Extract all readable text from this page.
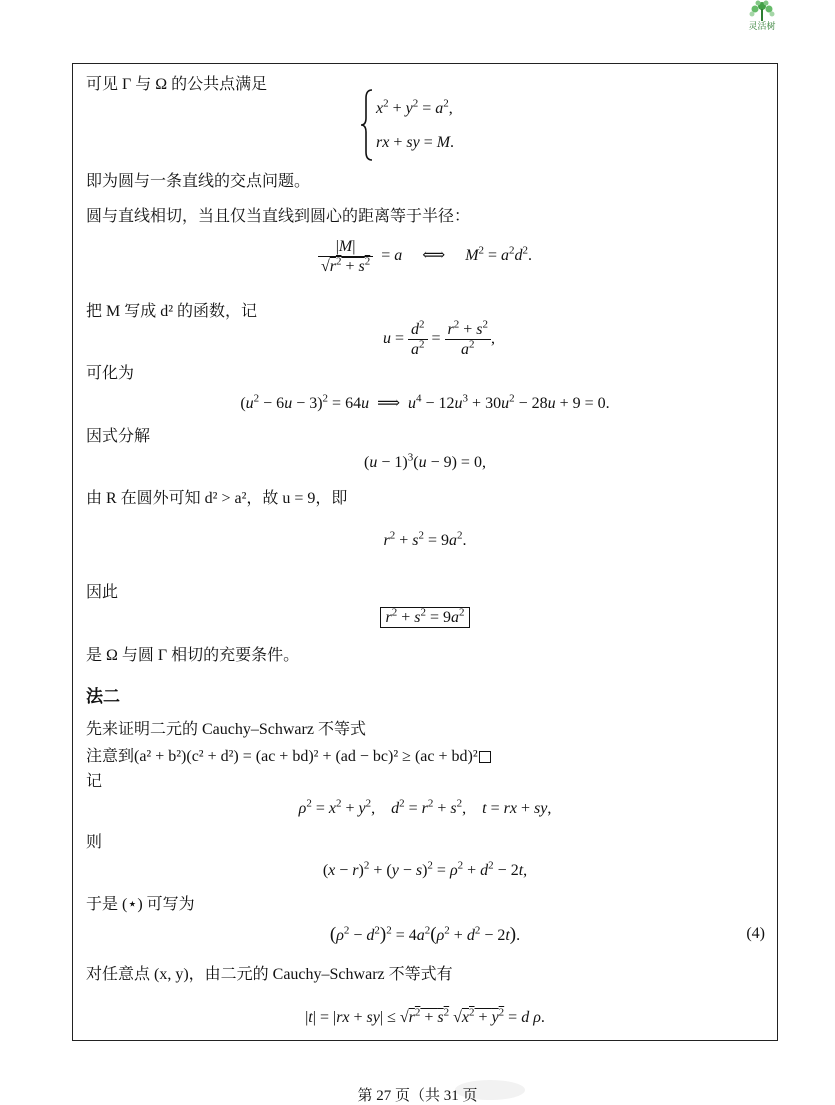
灵活树
可见 Γ 与 Ω 的公共点满足
$x^2 + y^2 = a^2$,
rx + sy = M.
即为圆与一条直线的交点问题。
圆与直线相切，当且仅当直线到圆心的距离等于半径：
$\frac{|M|}{√r^2 + s^2} = a$     ⟺     $M^2 = a^2d^2$.
把 M 写成 d² 的函数，记
$u = \frac{d^2}{a^2} = \frac{r^2 + s^2}{a^2}$ ,
可化为
$(u^2 - 6u - 3)^2 = 64u$  ⟹  $u^4 - 12u^3 + 30u^2 - 28u + 9 = 0$.
因式分解
$(u - 1)^3(u - 9) = 0$,
由 R 在圆外可知 d² > a²，故 u = 9，即
$r^2 + s^2 = 9a^2$.
因此
$r^2 + s^2 = 9a^2$
是 Ω 与圆 Γ 相切的充要条件。
法二
先来证明二元的 Cauchy–Schwarz 不等式
注意到(a² + b²)(c² + d²) = (ac + bd)² + (ad − bc)² ≥ (ac + bd)²
记
$\rho^2 = x^2 + y^2$,    $d^2 = r^2 + s^2$,    t = rx + sy,
则
$(x - r)^2 + (y - s)^2 = \rho^2 + d^2 - 2t$,
于是 (⋆) 可写为
$(\rho^2 - d^2)^2 = 4a^2(\rho^2 + d^2 - 2t)$.	(4)
对任意点 (x, y)，由二元的 Cauchy–Schwarz 不等式有
$|t| = |rx + sy| \le √r^2 + s^2$ $√x^2 + y^2 = d$ ρ.
第 27 页（共 31 页
